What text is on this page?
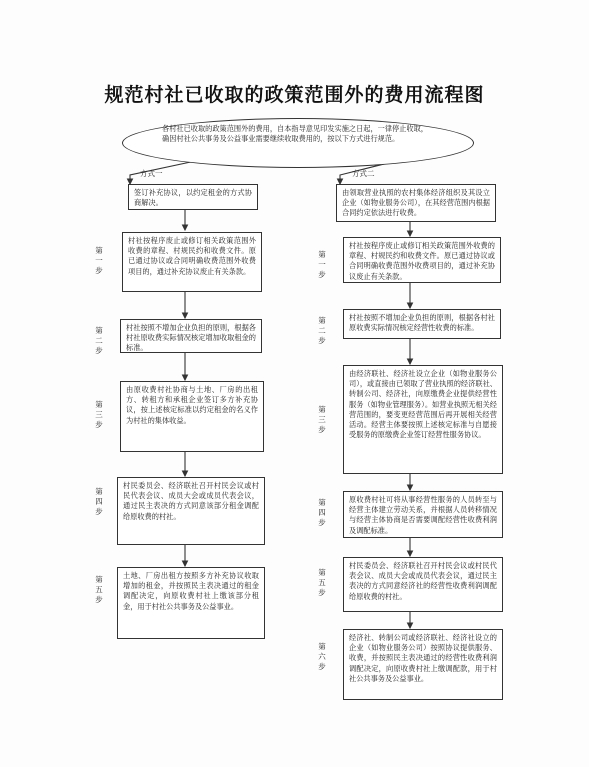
规范村社已收取的政策范围外的费用流程图
各村社已收取的政策范围外的费用，自本指导意见印发实施之日起，一律停止收取，确因村社公共事务及公益事业需要继续收取费用的，按以下方式进行规范。
方式一	方式二
签订补充协议，以约定租金的方式协商解决。
第一步
村社按程序废止或修订相关政策范围外收费的章程、村规民约和收费文件。原已通过协议或合同明确收费范围外收费项目的，通过补充协议废止有关条款。
第二步
村社按照不增加企业负担的原则，根据各村社原收费实际情况核定增加收取租金的标准。
第三步
由原收费村社协商与土地、厂房的出租方、转租方和承租企业签订多方补充协议，按上述核定标准以约定租金的名义作为村社的集体收益。
第四步
村民委员会、经济联社召开村民会议或村民代表会议、成员大会或成员代表会议，通过民主表决的方式同意该部分租金调配给原收费的村社。
第五步
土地、厂房出租方按照多方补充协议收取增加的租金，并按照民主表决通过的租金调配决定，向原收费村社上缴该部分租金，用于村社公共事务及公益事业。
由领取营业执照的农村集体经济组织及其设立企业（如物业服务公司），在其经营范围内根据合同约定依法进行收费。
第一步
村社按程序废止或修订相关政策范围外收费的章程、村规民约和收费文件。原已通过协议或合同明确收费范围外收费项目的，通过补充协议废止有关条款。
第二步
村社按照不增加企业负担的原则，根据各村社原收费实际情况核定经营性收费的标准。
第三步
由经济联社、经济社设立企业（如物业服务公司），或直接由已领取了营业执照的经济联社、转制公司、经济社，向原缴费企业提供经营性服务（如物业管理服务）。如营业执照无相关经营范围的，要变更经营范围后再开展相关经营活动。经营主体要按照上述核定标准与自愿接受服务的原缴费企业签订经营性服务协议。
第四步
原收费村社可将从事经营性服务的人员转至与经营主体建立劳动关系，并根据人员转移情况与经营主体协商是否需要调配经营性收费利润及调配标准。
第五步
村民委员会、经济联社召开村民会议或村民代表会议、成员大会或成员代表会议，通过民主表决的方式同意经济社的经营性收费利润调配给原收费的村社。
第六步
经济社、转制公司或经济联社、经济社设立的企业（如物业服务公司）按照协议提供服务、收费，并按照民主表决通过的经营性收费利润调配决定，向原收费村社上缴调配款，用于村社公共事务及公益事业。
